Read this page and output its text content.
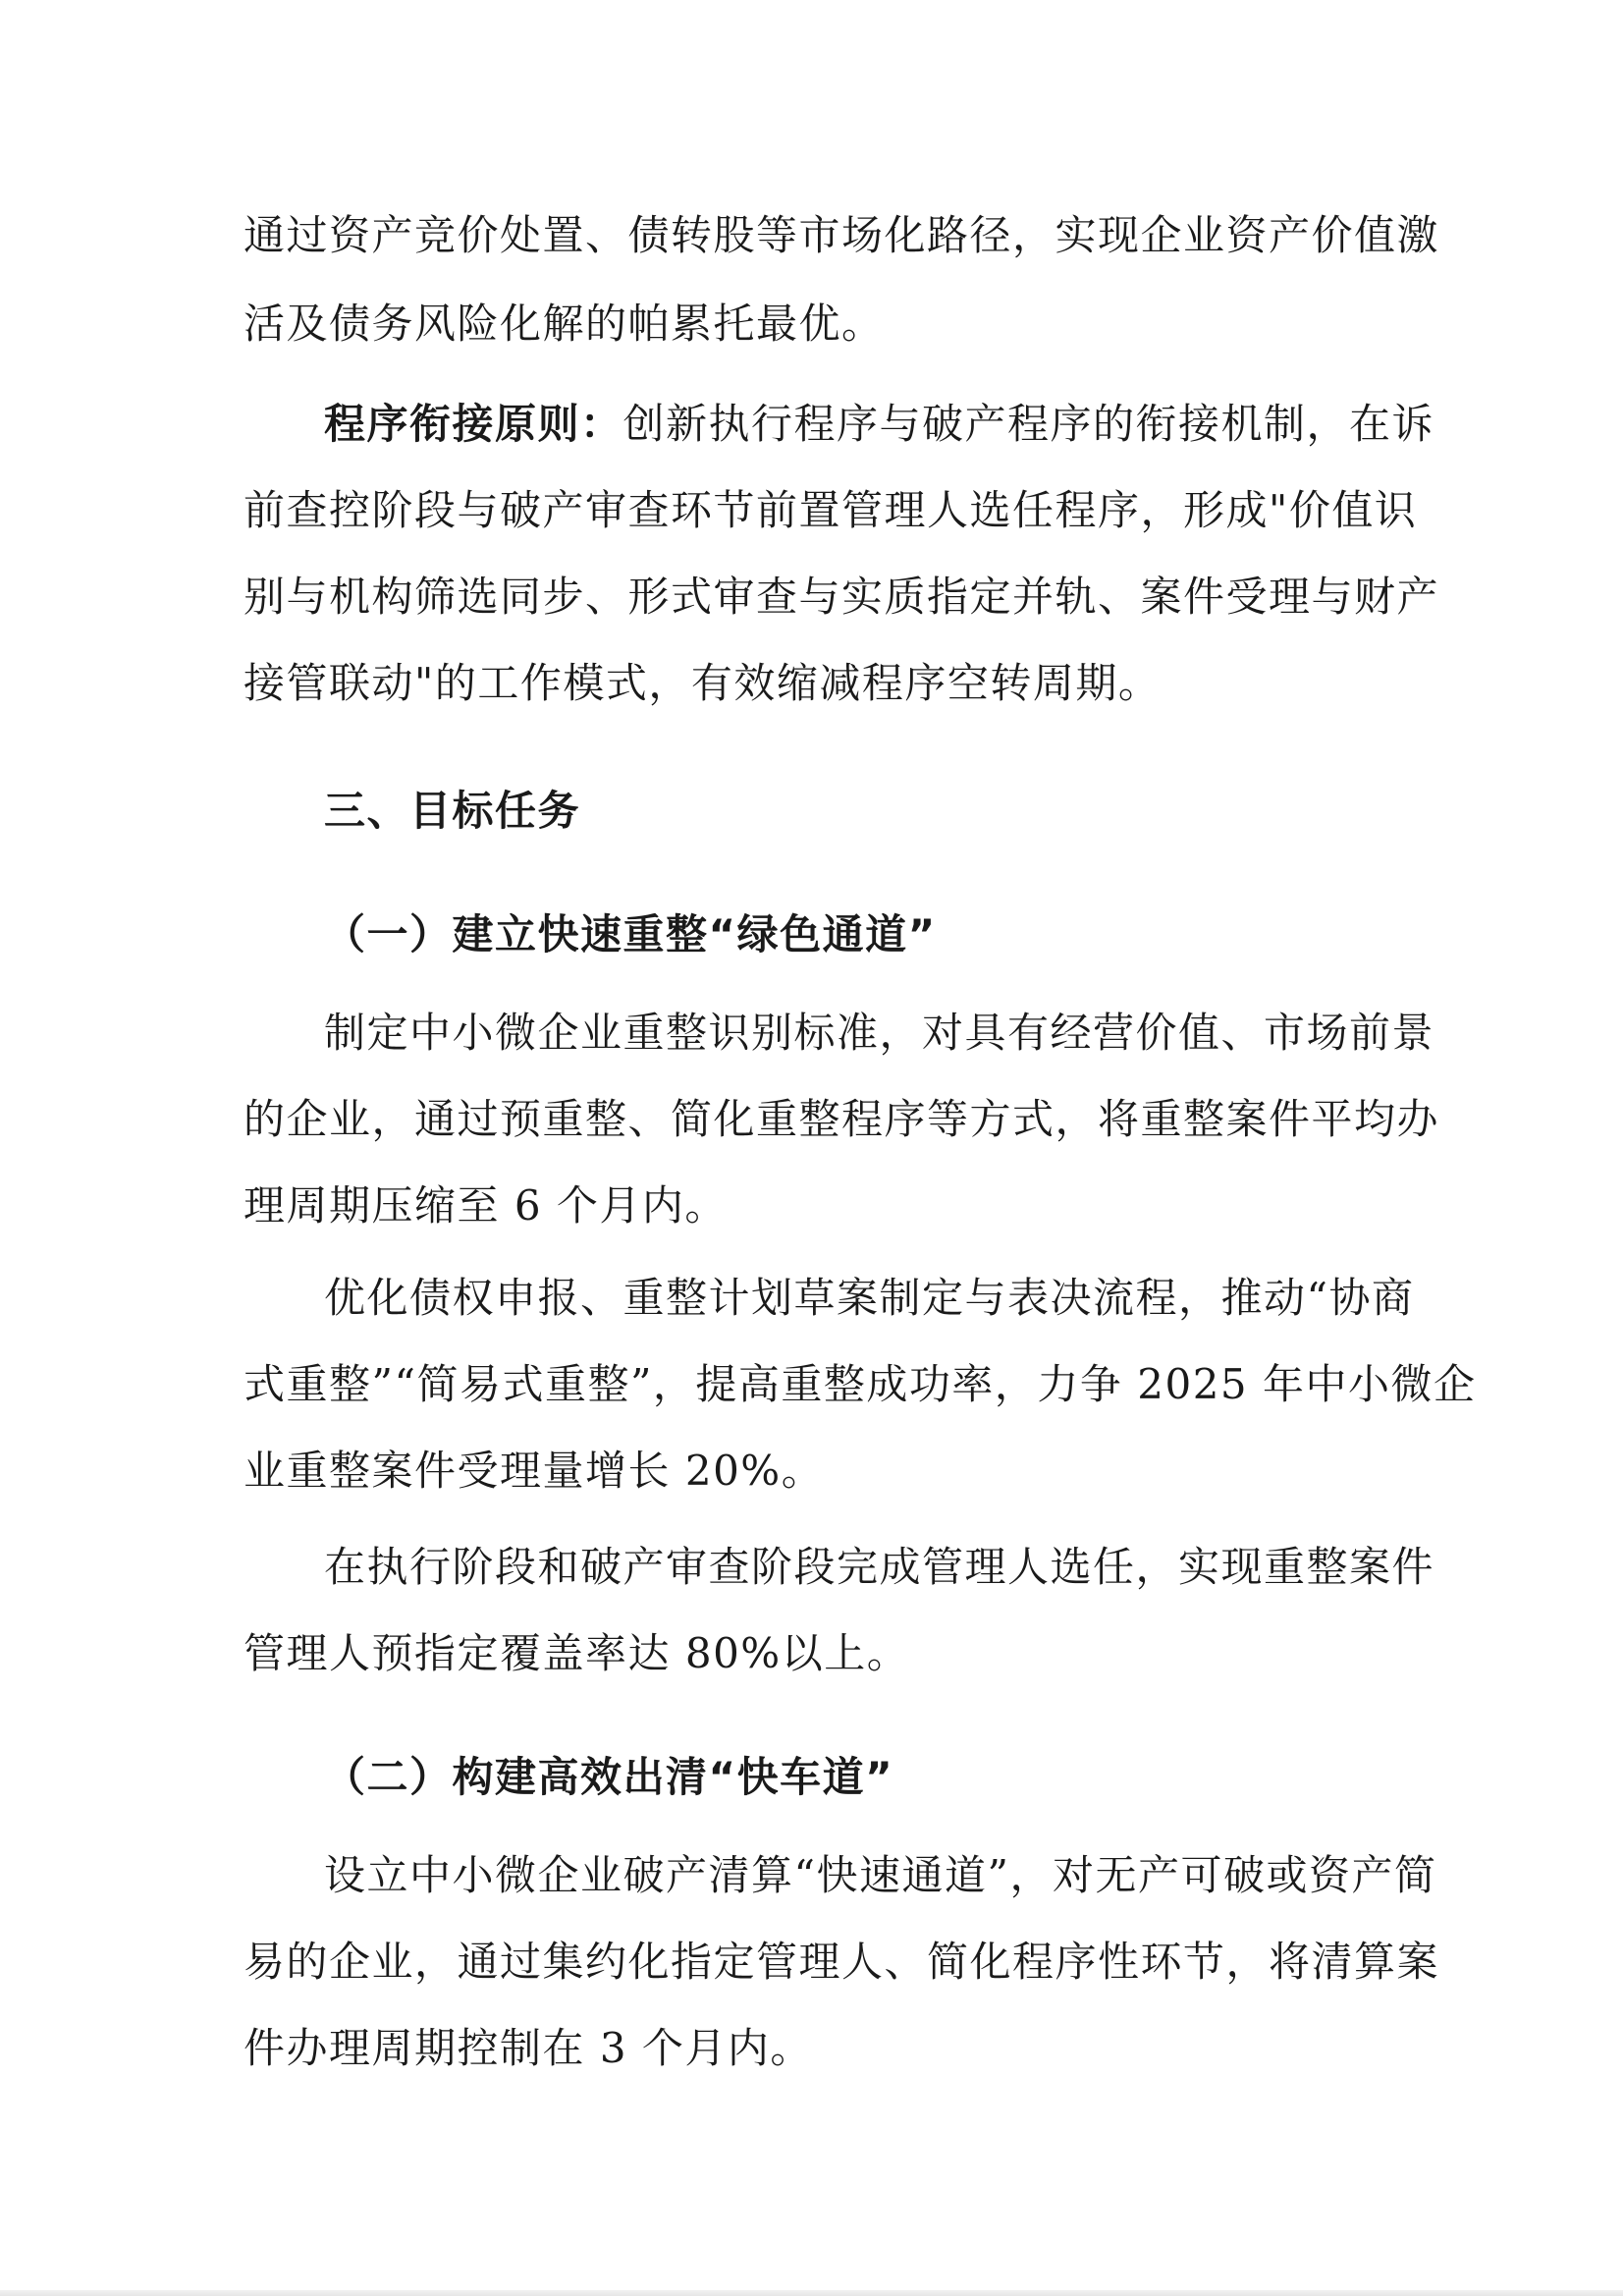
通过资产竞价处置、债转股等市场化路径，实现企业资产价值激
活及债务风险化解的帕累托最优。
程序衔接原则：创新执行程序与破产程序的衔接机制，在诉
前查控阶段与破产审查环节前置管理人选任程序，形成"价值识
别与机构筛选同步、形式审查与实质指定并轨、案件受理与财产
接管联动"的工作模式，有效缩减程序空转周期。
三、目标任务
（一）建立快速重整“绿色通道”
制定中小微企业重整识别标准，对具有经营价值、市场前景
的企业，通过预重整、简化重整程序等方式，将重整案件平均办
理周期压缩至 6 个月内。
优化债权申报、重整计划草案制定与表决流程，推动“协商
式重整”“简易式重整”，提高重整成功率，力争 2025 年中小微企
业重整案件受理量增长 20%。
在执行阶段和破产审查阶段完成管理人选任，实现重整案件
管理人预指定覆盖率达 80%以上。
（二）构建高效出清“快车道”
设立中小微企业破产清算“快速通道”，对无产可破或资产简
易的企业，通过集约化指定管理人、简化程序性环节，将清算案
件办理周期控制在 3 个月内。
